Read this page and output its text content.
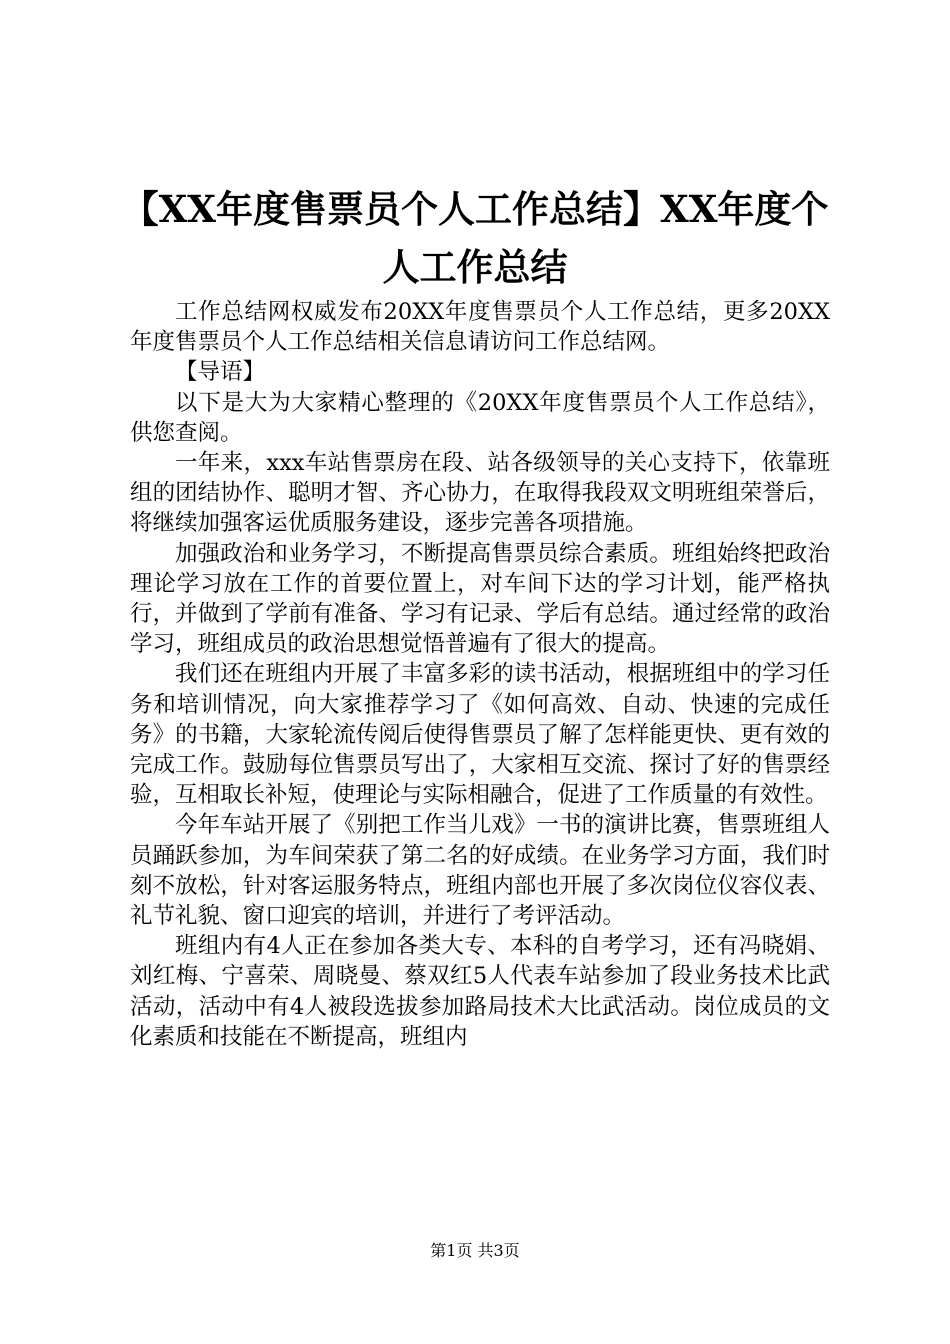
【XX年度售票员个人工作总结】XX年度个人工作总结

工作总结网权威发布20XX年度售票员个人工作总结，更多20XX年度售票员个人工作总结相关信息请访问工作总结网。

【导语】

以下是大为大家精心整理的《20XX年度售票员个人工作总结》，供您查阅。

一年来，xxx车站售票房在段、站各级领导的关心支持下，依靠班组的团结协作、聪明才智、齐心协力，在取得我段双文明班组荣誉后，将继续加强客运优质服务建设，逐步完善各项措施。

加强政治和业务学习，不断提高售票员综合素质。班组始终把政治理论学习放在工作的首要位置上，对车间下达的学习计划，能严格执行，并做到了学前有准备、学习有记录、学后有总结。通过经常的政治学习，班组成员的政治思想觉悟普遍有了很大的提高。

我们还在班组内开展了丰富多彩的读书活动，根据班组中的学习任务和培训情况，向大家推荐学习了《如何高效、自动、快速的完成任务》的书籍，大家轮流传阅后使得售票员了解了怎样能更快、更有效的完成工作。鼓励每位售票员写出了，大家相互交流、探讨了好的售票经验，互相取长补短，使理论与实际相融合，促进了工作质量的有效性。

今年车站开展了《别把工作当儿戏》一书的演讲比赛，售票班组人员踊跃参加，为车间荣获了第二名的好成绩。在业务学习方面，我们时刻不放松，针对客运服务特点，班组内部也开展了多次岗位仪容仪表、礼节礼貌、窗口迎宾的培训，并进行了考评活动。

班组内有4人正在参加各类大专、本科的自考学习，还有冯晓娟、刘红梅、宁喜荣、周晓曼、蔡双红5人代表车站参加了段业务技术比武活动，活动中有4人被段选拔参加路局技术大比武活动。岗位成员的文化素质和技能在不断提高，班组内

第1页 共3页
